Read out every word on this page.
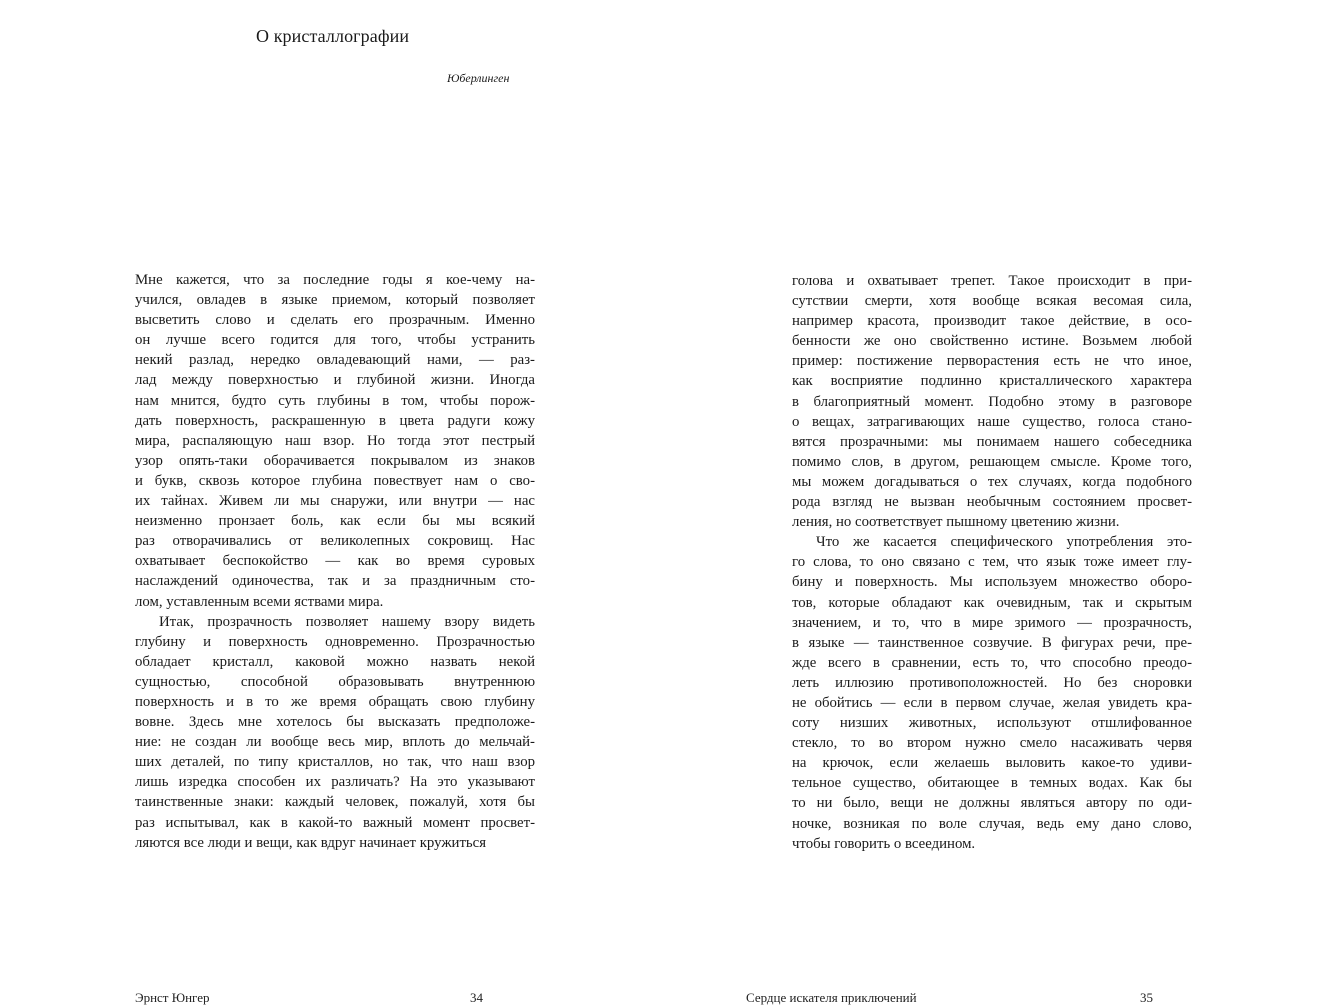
О кристаллографии
Юберлинген
Мне кажется, что за последние годы я кое-чему на-
учился, овладев в языке приемом, который позволяет
высветить слово и сделать его прозрачным. Именно
он лучше всего годится для того, чтобы устранить
некий разлад, нередко овладевающий нами, — раз-
лад между поверхностью и глубиной жизни. Иногда
нам мнится, будто суть глубины в том, чтобы порож-
дать поверхность, раскрашенную в цвета радуги кожу
мира, распаляющую наш взор. Но тогда этот пестрый
узор опять-таки оборачивается покрывалом из знаков
и букв, сквозь которое глубина повествует нам о сво-
их тайнах. Живем ли мы снаружи, или внутри — нас
неизменно пронзает боль, как если бы мы всякий
раз отворачивались от великолепных сокровищ. Нас
охватывает беспокойство — как во время суровых
наслаждений одиночества, так и за праздничным сто-
лом, уставленным всеми яствами мира.
Итак, прозрачность позволяет нашему взору видеть
глубину и поверхность одновременно. Прозрачностью
обладает кристалл, каковой можно назвать некой
сущностью, способной образовывать внутреннюю
поверхность и в то же время обращать свою глубину
вовне. Здесь мне хотелось бы высказать предположе-
ние: не создан ли вообще весь мир, вплоть до мельчай-
ших деталей, по типу кристаллов, но так, что наш взор
лишь изредка способен их различать? На это указывают
таинственные знаки: каждый человек, пожалуй, хотя бы
раз испытывал, как в какой-то важный момент просвет-
ляются все люди и вещи, как вдруг начинает кружиться
Эрнст Юнгер	34
голова и охватывает трепет. Такое происходит в при-
сутствии смерти, хотя вообще всякая весомая сила,
например красота, производит такое действие, в осо-
бенности же оно свойственно истине. Возьмем любой
пример: постижение перворастения есть не что иное,
как восприятие подлинно кристаллического характера
в благоприятный момент. Подобно этому в разговоре
о вещах, затрагивающих наше существо, голоса стано-
вятся прозрачными: мы понимаем нашего собеседника
помимо слов, в другом, решающем смысле. Кроме того,
мы можем догадываться о тех случаях, когда подобного
рода взгляд не вызван необычным состоянием просвет-
ления, но соответствует пышному цветению жизни.
Что же касается специфического употребления это-
го слова, то оно связано с тем, что язык тоже имеет глу-
бину и поверхность. Мы используем множество оборо-
тов, которые обладают как очевидным, так и скрытым
значением, и то, что в мире зримого — прозрачность,
в языке — таинственное созвучие. В фигурах речи, пре-
жде всего в сравнении, есть то, что способно преодо-
леть иллюзию противоположностей. Но без сноровки
не обойтись — если в первом случае, желая увидеть кра-
соту низших животных, используют отшлифованное
стекло, то во втором нужно смело насаживать червя
на крючок, если желаешь выловить какое-то удиви-
тельное существо, обитающее в темных водах. Как бы
то ни было, вещи не должны являться автору по оди-
ночке, возникая по воле случая, ведь ему дано слово,
чтобы говорить о всеедином.
Сердце искателя приключений	35
